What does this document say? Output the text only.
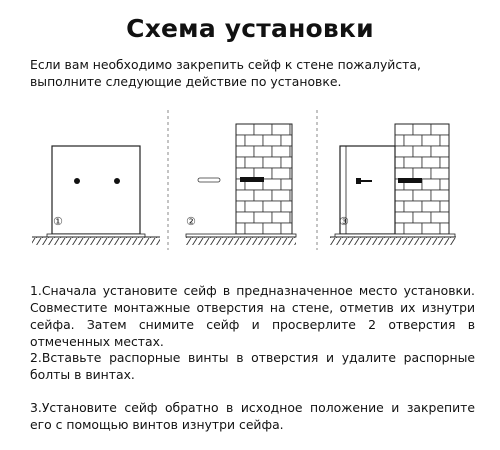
Схема установки
Если вам необходимо закрепить сейф к стене пожалуйста, выполните следующие действие по установке.
①	②	③
1.Сначала установите сейф в предназначенное место установки. Совместите монтажные отверстия на стене, отметив их изнутри сейфа. Затем снимите сейф и просверлите 2 отверстия в отмеченных местах.
2.Вставьте распорные винты в отверстия и удалите распорные болты в винтах.
3.Установите сейф обратно в исходное положение и закрепите его с помощью винтов изнутри сейфа.
